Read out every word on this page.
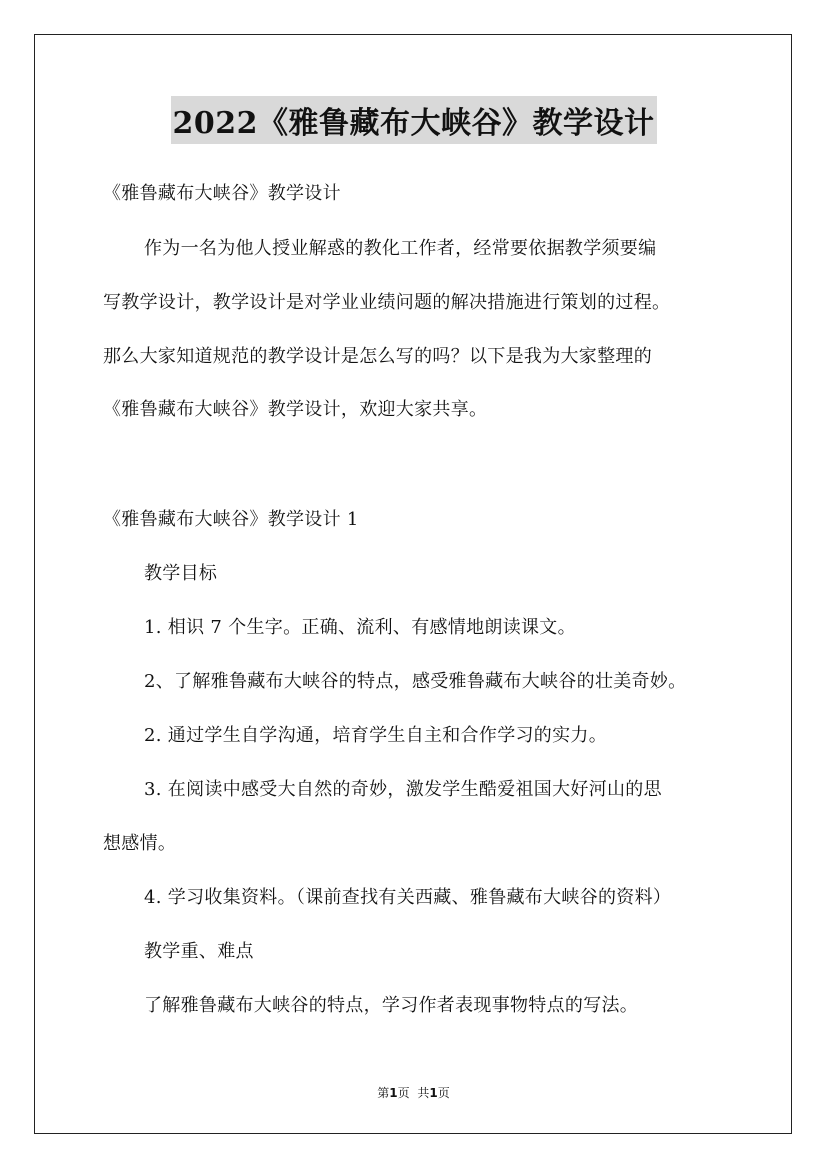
2022《雅鲁藏布大峡谷》教学设计
《雅鲁藏布大峡谷》教学设计
作为一名为他人授业解惑的教化工作者，经常要依据教学须要编
写教学设计，教学设计是对学业业绩问题的解决措施进行策划的过程。
那么大家知道规范的教学设计是怎么写的吗？以下是我为大家整理的
《雅鲁藏布大峡谷》教学设计，欢迎大家共享。
《雅鲁藏布大峡谷》教学设计 1
教学目标
1. 相识 7 个生字。正确、流利、有感情地朗读课文。
2、了解雅鲁藏布大峡谷的特点，感受雅鲁藏布大峡谷的壮美奇妙。
2. 通过学生自学沟通，培育学生自主和合作学习的实力。
3. 在阅读中感受大自然的奇妙，激发学生酷爱祖国大好河山的思
想感情。
4. 学习收集资料。（课前查找有关西藏、雅鲁藏布大峡谷的资料）
教学重、难点
了解雅鲁藏布大峡谷的特点，学习作者表现事物特点的写法。
第1页 共1页
